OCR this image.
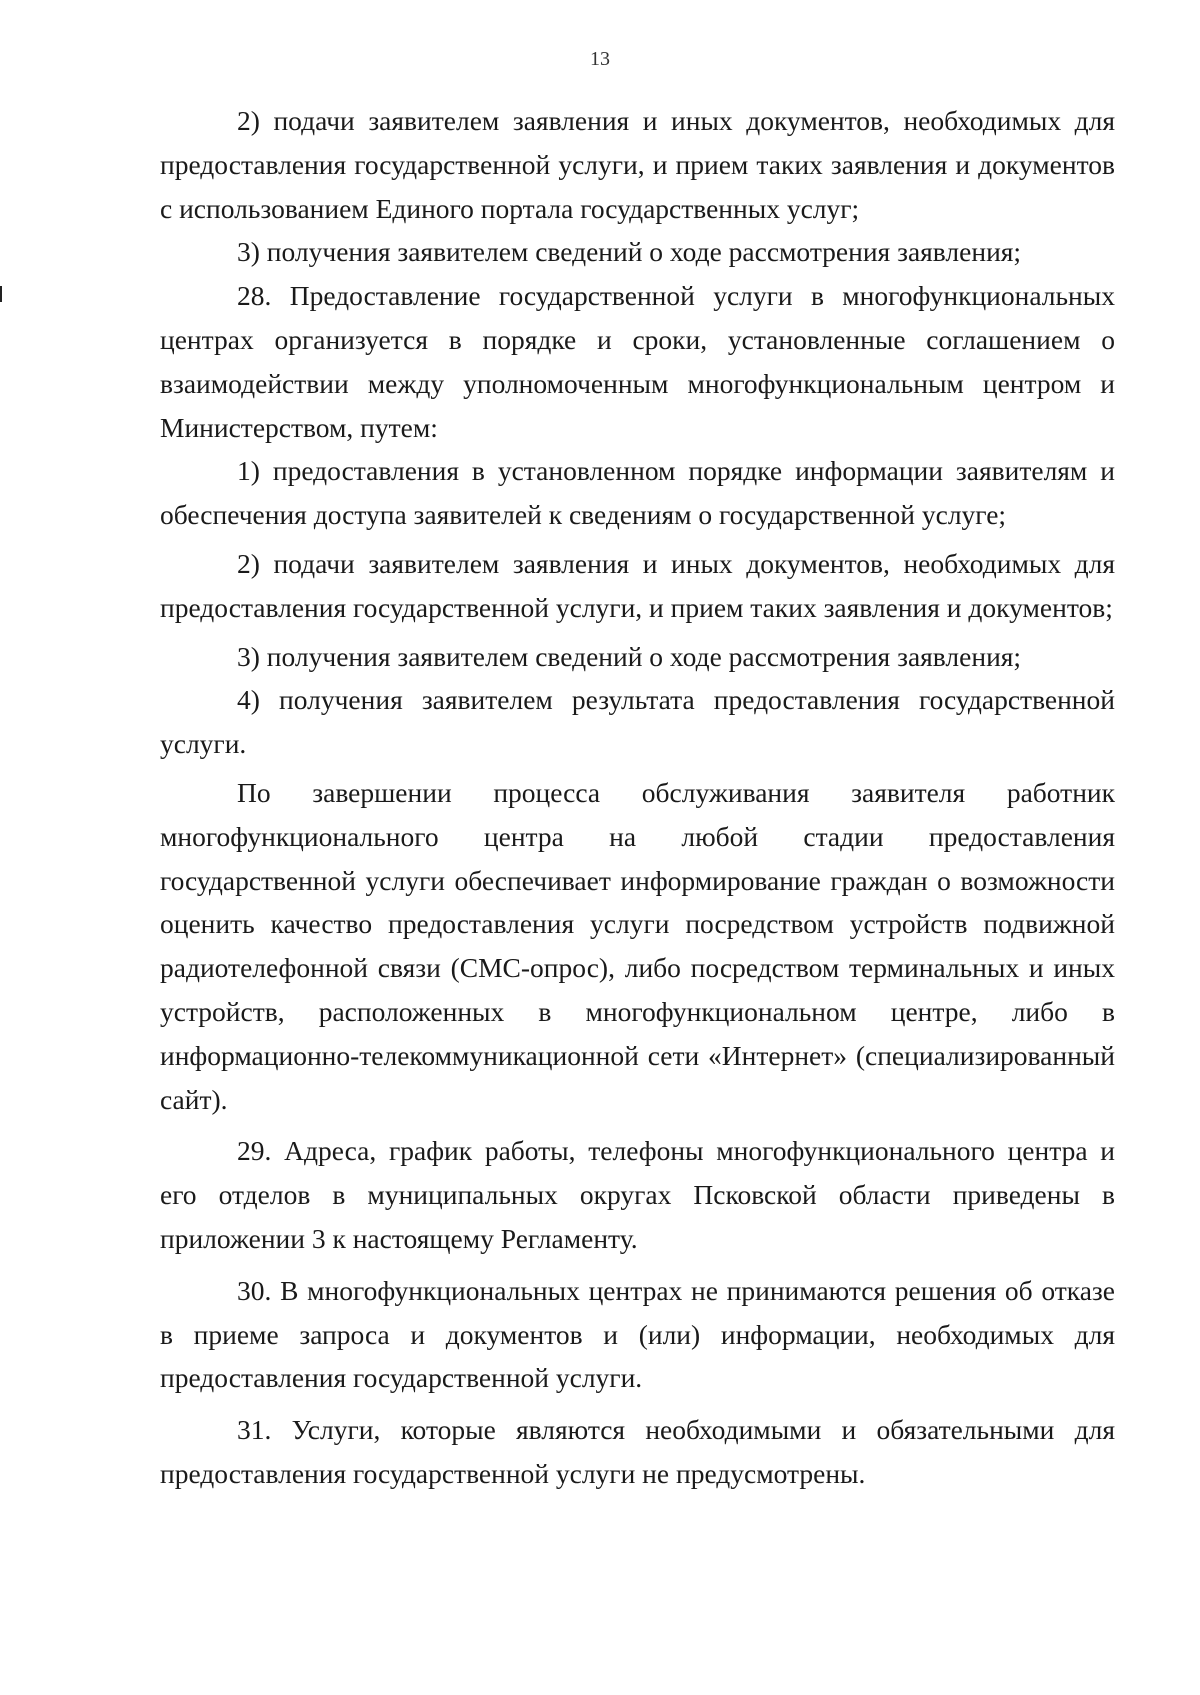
13

2) подачи заявителем заявления и иных документов, необходимых для предоставления государственной услуги, и прием таких заявления и документов с использованием Единого портала государственных услуг;

3) получения заявителем сведений о ходе рассмотрения заявления;

28. Предоставление государственной услуги в многофункциональных центрах организуется в порядке и сроки, установленные соглашением о взаимодействии между уполномоченным многофункциональным центром и Министерством, путем:

1) предоставления в установленном порядке информации заявителям и обеспечения доступа заявителей к сведениям о государственной услуге;

2) подачи заявителем заявления и иных документов, необходимых для предоставления государственной услуги, и прием таких заявления и документов;

3) получения заявителем сведений о ходе рассмотрения заявления;

4) получения заявителем результата предоставления государственной услуги.

По завершении процесса обслуживания заявителя работник многофункционального центра на любой стадии предоставления государственной услуги обеспечивает информирование граждан о возможности оценить качество предоставления услуги посредством устройств подвижной радиотелефонной связи (СМС-опрос), либо посредством терминальных и иных устройств, расположенных в многофункциональном центре, либо в информационно-телекоммуникационной сети «Интернет» (специализированный сайт).

29. Адреса, график работы, телефоны многофункционального центра и его отделов в муниципальных округах Псковской области приведены в приложении 3 к настоящему Регламенту.

30. В многофункциональных центрах не принимаются решения об отказе в приеме запроса и документов и (или) информации, необходимых для предоставления государственной услуги.

31. Услуги, которые являются необходимыми и обязательными для предоставления государственной услуги не предусмотрены.
